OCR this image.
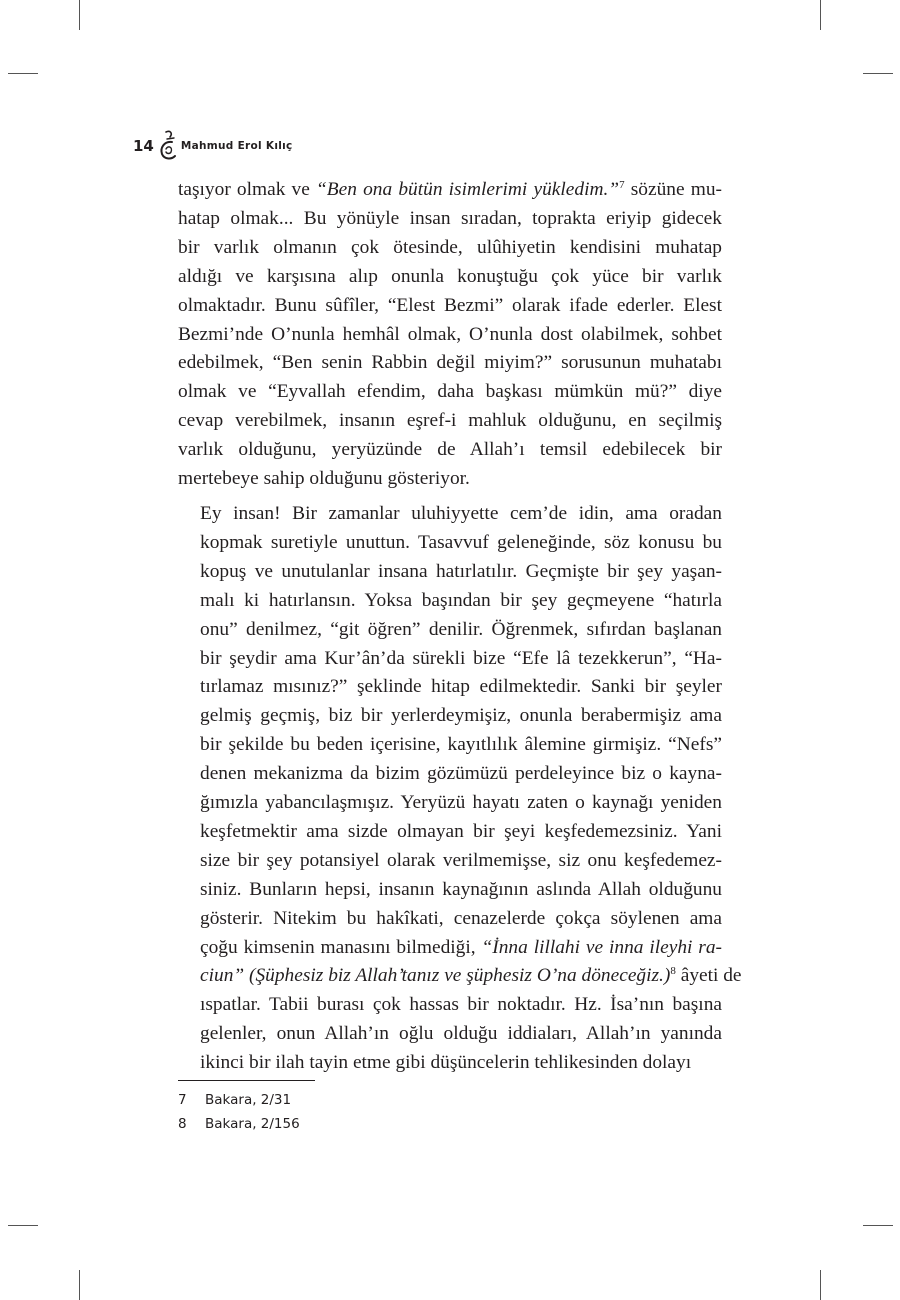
14	Mahmud Erol Kılıç

taşıyor olmak ve “Ben ona bütün isimlerimi yükledim.”$^7$ sözüne mu-
hatap olmak... Bu yönüyle insan sıradan, toprakta eriyip gidecek
bir varlık olmanın çok ötesinde, ulûhiyetin kendisini muhatap
aldığı ve karşısına alıp onunla konuştuğu çok yüce bir varlık
olmaktadır. Bunu sûfîler, “Elest Bezmi” olarak ifade ederler. Elest
Bezmi’nde O’nunla hemhâl olmak, O’nunla dost olabilmek, sohbet
edebilmek, “Ben senin Rabbin değil miyim?” sorusunun muhatabı
olmak ve “Eyvallah efendim, daha başkası mümkün mü?” diye
cevap verebilmek, insanın eşref-i mahluk olduğunu, en seçilmiş
varlık olduğunu, yeryüzünde de Allah’ı temsil edebilecek bir
mertebeye sahip olduğunu gösteriyor.

Ey insan! Bir zamanlar uluhiyyette cem’de idin, ama oradan
kopmak suretiyle unuttun. Tasavvuf geleneğinde, söz konusu bu
kopuş ve unutulanlar insana hatırlatılır. Geçmişte bir şey yaşan-
malı ki hatırlansın. Yoksa başından bir şey geçmeyene “hatırla
onu” denilmez, “git öğren” denilir. Öğrenmek, sıfırdan başlanan
bir şeydir ama Kur’ân’da sürekli bize “Efe lâ tezekkerun”, “Ha-
tırlamaz mısınız?” şeklinde hitap edilmektedir. Sanki bir şeyler
gelmiş geçmiş, biz bir yerlerdeymişiz, onunla berabermişiz ama
bir şekilde bu beden içerisine, kayıtlılık âlemine girmişiz. “Nefs”
denen mekanizma da bizim gözümüzü perdeleyince biz o kayna-
ğımızla yabancılaşmışız. Yeryüzü hayatı zaten o kaynağı yeniden
keşfetmektir ama sizde olmayan bir şeyi keşfedemezsiniz. Yani
size bir şey potansiyel olarak verilmemişse, siz onu keşfedemez-
siniz. Bunların hepsi, insanın kaynağının aslında Allah olduğunu
gösterir. Nitekim bu hakîkati, cenazelerde çokça söylenen ama
çoğu kimsenin manasını bilmediği, “İnna lillahi ve inna ileyhi ra-
ciun” (Şüphesiz biz Allah’tanız ve şüphesiz O’na döneceğiz.)$^8$ âyeti de
ıspatlar. Tabii burası çok hassas bir noktadır. Hz. İsa’nın başına
gelenler, onun Allah’ın oğlu olduğu iddiaları, Allah’ın yanında
ikinci bir ilah tayin etme gibi düşüncelerin tehlikesinden dolayı

7	Bakara, 2/31
8	Bakara, 2/156
